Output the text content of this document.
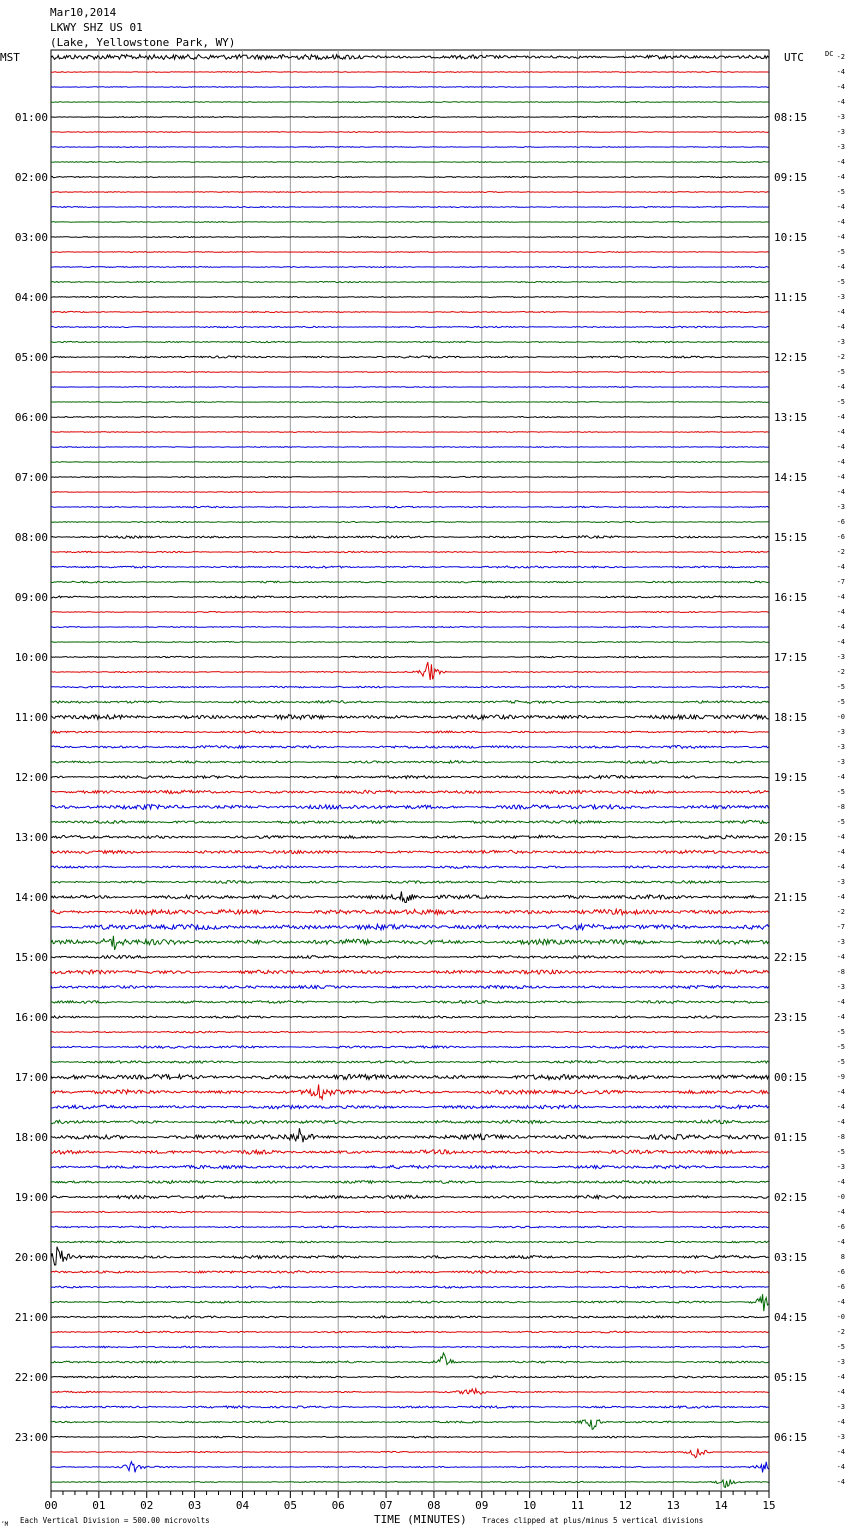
Mar10,2014
LKWY SHZ US 01
(Lake, Yellowstone Park, WY)
MST	UTC	DC
01:00
02:00
03:00
04:00
05:00
06:00
07:00
08:00
09:00
10:00
11:00
12:00
13:00
14:00
15:00
16:00
17:00
18:00
19:00
20:00
21:00
22:00
23:00
08:15
09:15
10:15
11:15
12:15
13:15
14:15
15:15
16:15
17:15
18:15
19:15
20:15
21:15
22:15
23:15
00:15
01:15
02:15
03:15
04:15
05:15
06:15
-2
-4
-4
-4
-3
-3
-3
-4
-4
-5
-4
-4
-4
-5
-4
-5
-3
-4
-4
-3
-2
-5
-4
-5
-4
-4
-4
-4
-4
-4
-3
-6
-6
-2
-4
-7
-4
-4
-4
-4
-3
-2
-5
-5
-0
-3
-3
-3
-4
-5
-8
-5
-4
-4
-4
-3
-4
-2
-7
-3
-4
-8
-3
-4
-4
-5
-5
-5
-9
-4
-4
-4
-8
-5
-3
-4
-0
-4
-6
-4
8
-6
-6
-4
-0
-2
-5
-3
-4
-4
-3
-4
-3
-4
-4
-4
00	01	02	03	04	05	06	07	08	09	10	11	12	13	14	15
TIME (MINUTES)
‘M Each Vertical Division = 500.00 microvolts	Traces clipped at plus/minus 5 vertical divisions
